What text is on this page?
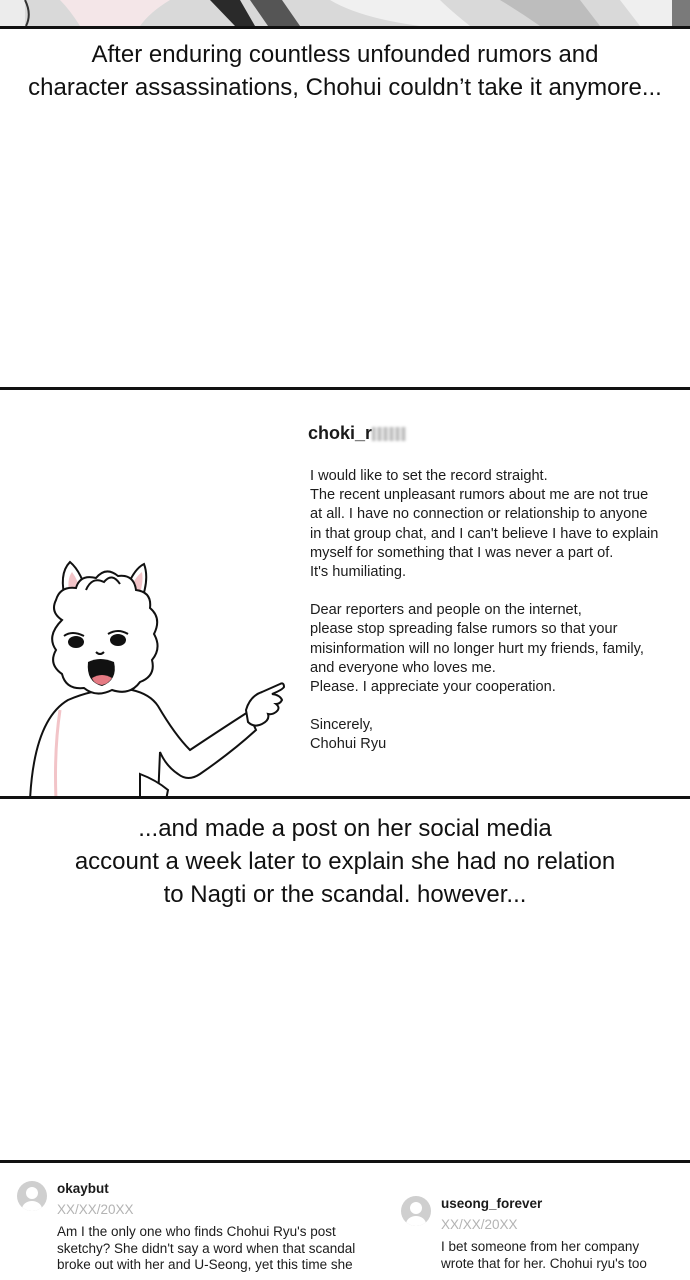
After enduring countless unfounded rumors and
character assassinations, Chohui couldn’t take it anymore...
choki_r
I would like to set the record straight.
The recent unpleasant rumors about me are not true
at all. I have no connection or relationship to anyone
in that group chat, and I can't believe I have to explain
myself for something that I was never a part of.
It's humiliating.
Dear reporters and people on the internet,
please stop spreading false rumors so that your
misinformation will no longer hurt my friends, family,
and everyone who loves me.
Please. I appreciate your cooperation.
Sincerely,
Chohui Ryu
...and made a post on her social media
account a week later to explain she had no relation
to Nagti or the scandal. however...
okaybut
XX/XX/20XX
Am I the only one who finds Chohui Ryu's post
sketchy? She didn't say a word when that scandal
broke out with her and U-Seong, yet this time she
useong_forever
XX/XX/20XX
I bet someone from her company
wrote that for her. Chohui ryu's too
